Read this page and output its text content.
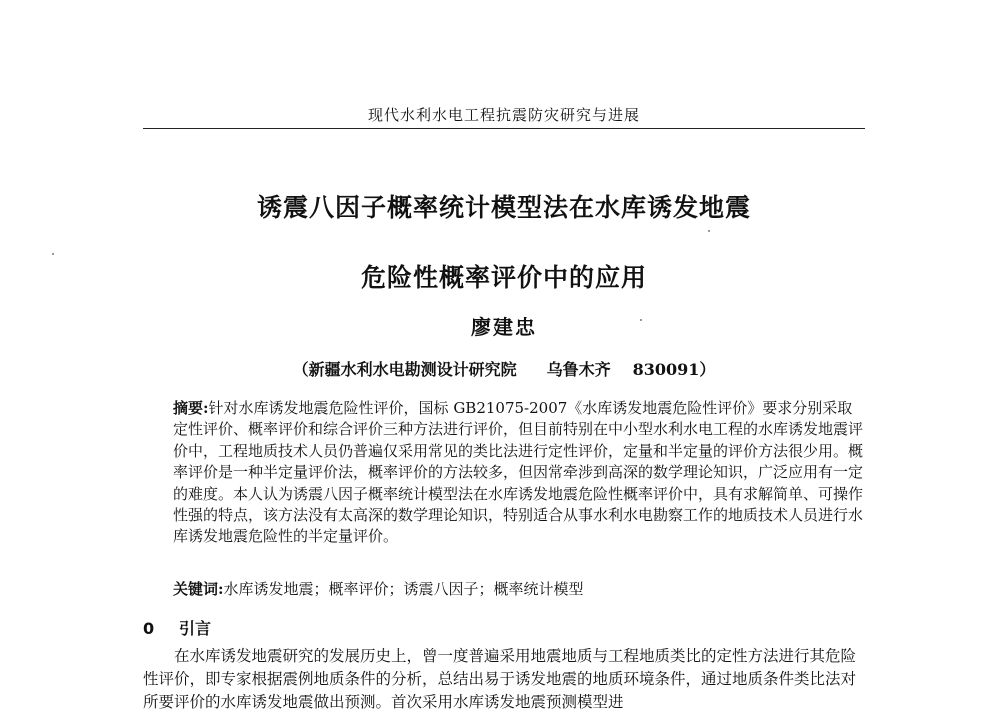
现代水利水电工程抗震防灾研究与进展
诱震八因子概率统计模型法在水库诱发地震
危险性概率评价中的应用
廖建忠
（新疆水利水电勘测设计研究院 乌鲁木齐 830091）
摘要:针对水库诱发地震危险性评价，国标 GB21075-2007《水库诱发地震危险性评价》要求分别采取定性评价、概率评价和综合评价三种方法进行评价，但目前特别在中小型水利水电工程的水库诱发地震评价中，工程地质技术人员仍普遍仅采用常见的类比法进行定性评价，定量和半定量的评价方法很少用。概率评价是一种半定量评价法，概率评价的方法较多，但因常牵涉到高深的数学理论知识，广泛应用有一定的难度。本人认为诱震八因子概率统计模型法在水库诱发地震危险性概率评价中，具有求解简单、可操作性强的特点，该方法没有太高深的数学理论知识，特别适合从事水利水电勘察工作的地质技术人员进行水库诱发地震危险性的半定量评价。
关键词:水库诱发地震；概率评价；诱震八因子；概率统计模型
0 引言
在水库诱发地震研究的发展历史上，曾一度普遍采用地震地质与工程地质类比的定性方法进行其危险性评价，即专家根据震例地质条件的分析，总结出易于诱发地震的地质环境条件，通过地质条件类比法对所要评价的水库诱发地震做出预测。首次采用水库诱发地震预测模型进
